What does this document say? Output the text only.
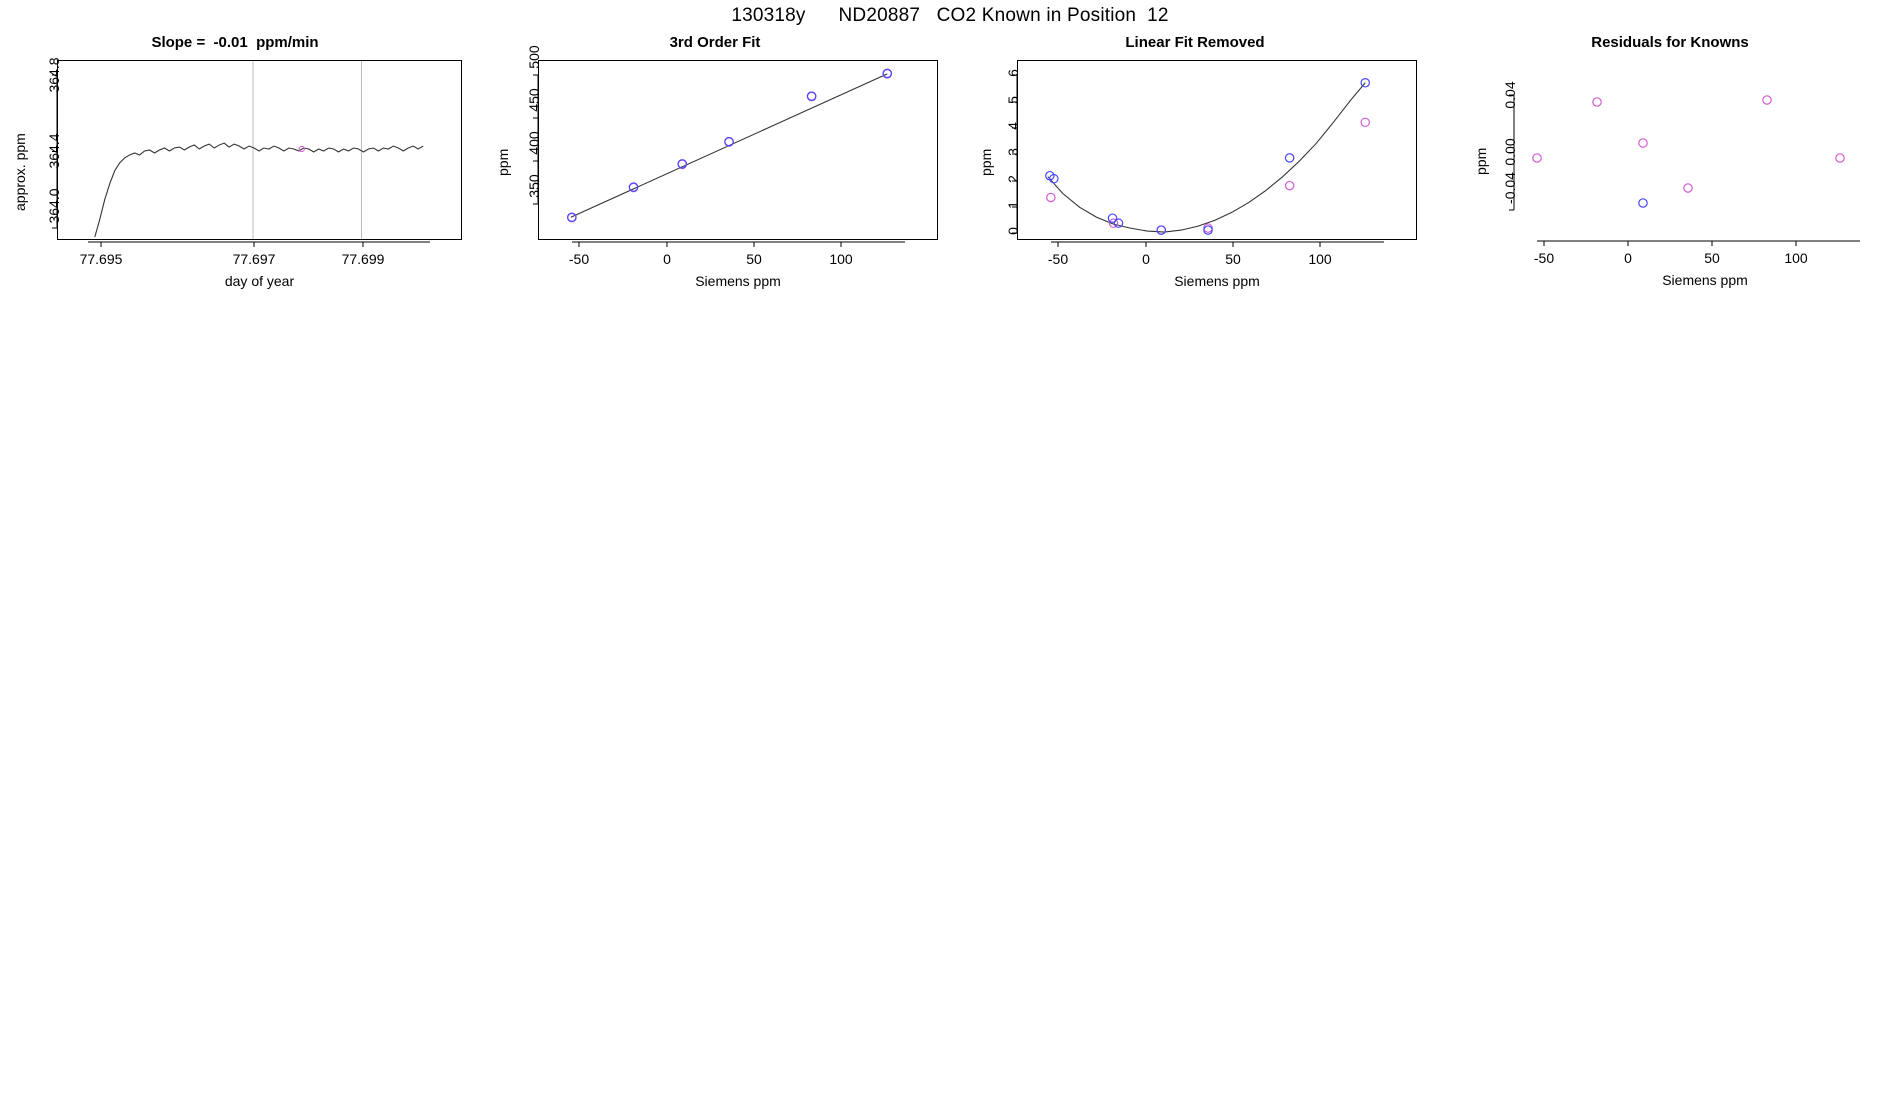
130318y      ND20887   CO2 Known in Position  12
Slope =  -0.01  ppm/min
364.0
364.4
364.8
77.695	77.697	77.699
day of year
approx. ppm
3rd Order Fit
350
400
450
500
-50	0	50	100
Siemens ppm
ppm
Linear Fit Removed
0
1
2
3
4
5
6
-50	0	50	100
Siemens ppm
ppm
Residuals for Knowns
-0.04
0.00
0.04
-50	0	50	100
Siemens ppm
ppm
